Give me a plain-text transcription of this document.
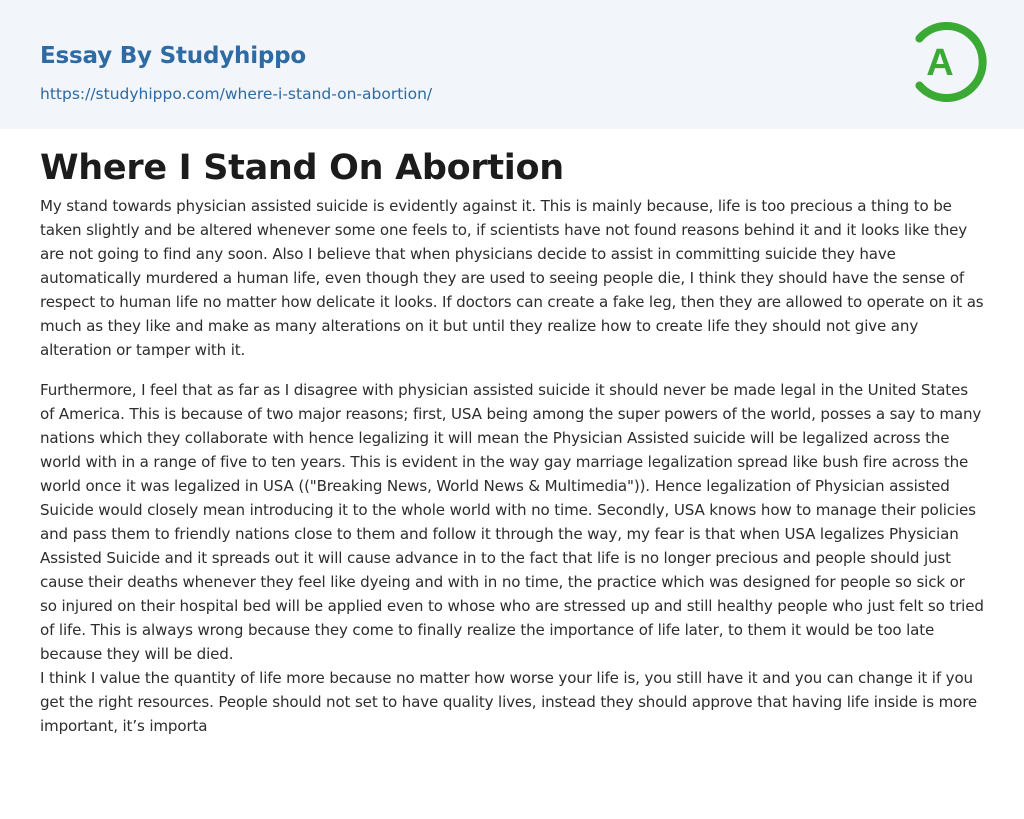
Essay By Studyhippo
https://studyhippo.com/where-i-stand-on-abortion/
A
Where I Stand On Abortion

My stand towards physician assisted suicide is evidently against it. This is mainly because, life is too precious a thing to be taken slightly and be altered whenever some one feels to, if scientists have not found reasons behind it and it looks like they are not going to find any soon. Also I believe that when physicians decide to assist in committing suicide they have automatically murdered a human life, even though they are used to seeing people die, I think they should have the sense of respect to human life no matter how delicate it looks. If doctors can create a fake leg, then they are allowed to operate on it as much as they like and make as many alterations on it but until they realize how to create life they should not give any alteration or tamper with it.

Furthermore, I feel that as far as I disagree with physician assisted suicide it should never be made legal in the United States of America. This is because of two major reasons; first, USA being among the super powers of the world, posses a say to many nations which they collaborate with hence legalizing it will mean the Physician Assisted suicide will be legalized across the world with in a range of five to ten years. This is evident in the way gay marriage legalization spread like bush fire across the world once it was legalized in USA (("Breaking News, World News & Multimedia")). Hence legalization of Physician assisted Suicide would closely mean introducing it to the whole world with no time. Secondly, USA knows how to manage their policies and pass them to friendly nations close to them and follow it through the way, my fear is that when USA legalizes Physician Assisted Suicide and it spreads out it will cause advance in to the fact that life is no longer precious and people should just cause their deaths whenever they feel like dyeing and with in no time, the practice which was designed for people so sick or so injured on their hospital bed will be applied even to whose who are stressed up and still healthy people who just felt so tried of life. This is always wrong because they come to finally realize the importance of life later, to them it would be too late because they will be died.

I think I value the quantity of life more because no matter how worse your life is, you still have it and you can change it if you get the right resources. People should not set to have quality lives, instead they should approve that having life inside is more important, it’s importa
